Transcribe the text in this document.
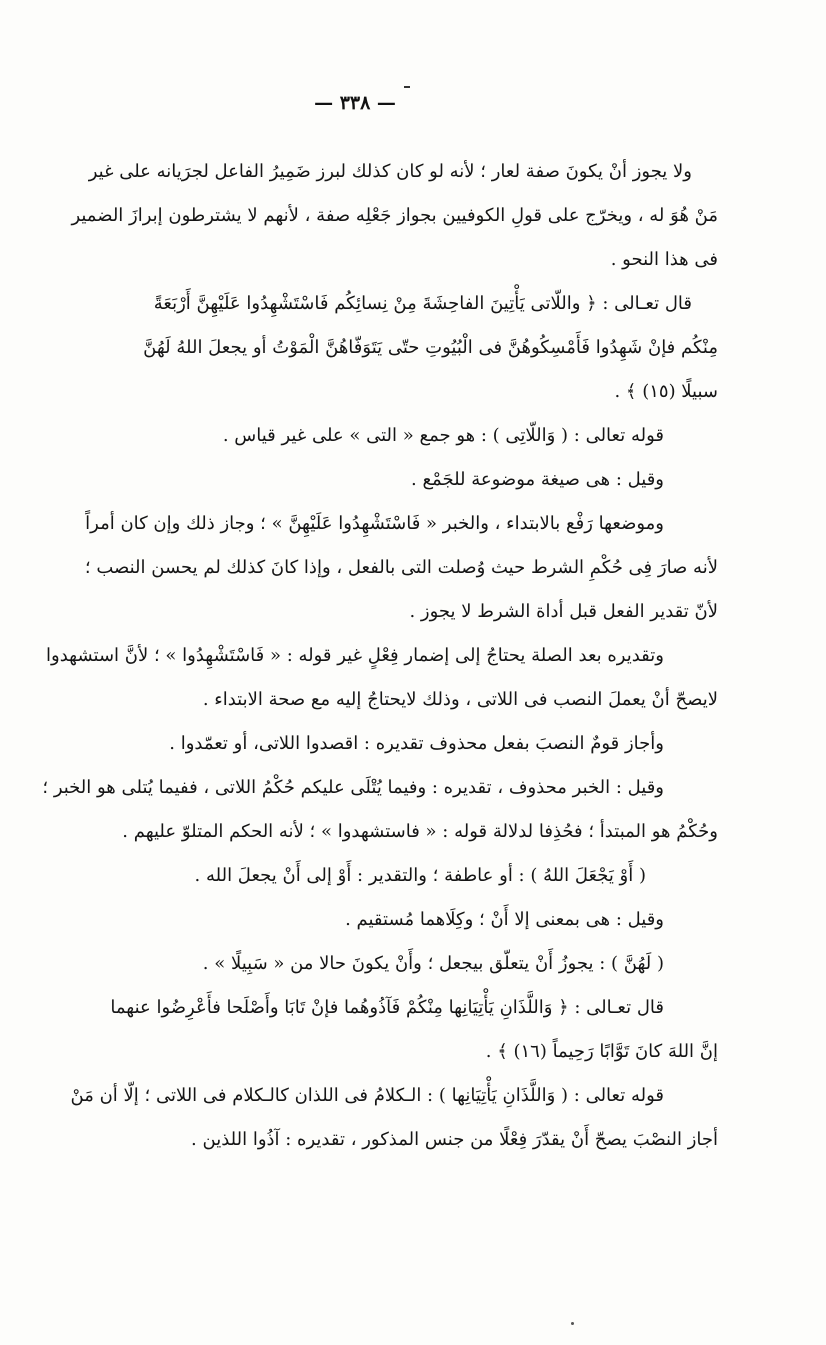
— ٣٣٨ —
ولا يجوز أنْ يكونَ صفة لعار ؛ لأنه لو كان كذلك لبرز ضَمِيرُ الفاعل لجرَيانه على غير
مَنْ هُوَ له ، ويخرّج على قولِ الكوفيين بجواز جَعْلِه صفة ، لأنهم لا يشترطون إبرازَ الضمير
فى هذا النحو .
قال تعـالى : ﴿ واللّاتى يَأْتِينَ الفاحِشَةَ مِنْ نِسائِكُم فَاسْتَشْهِدُوا عَلَيْهِنَّ أَرْبَعَةً
مِنْكُم فإنْ شَهِدُوا فَأَمْسِكُوهُنَّ فى الْبُيُوتِ حتّى يَتَوَفّاهُنَّ الْمَوْتُ أو يجعلَ اللهُ لَهُنَّ
سبيلًا (١٥) ﴾ .
قوله تعالى : ( وَاللّاتِى ) : هو جمع « التى » على غير قياس .
وقيل : هى صيغة موضوعة للجَمْع .
وموضعها رَفْع بالابتداء ، والخبر « فَاسْتَشْهِدُوا عَلَيْهِنَّ » ؛ وجاز ذلك وإن كان أمراً
لأنه صارَ فِى حُكْمِ الشرط حيث وُصلت التى بالفعل ، وإذا كانَ كذلك لم يحسن النصب ؛
لأنّ تقدير الفعل قبل أداة الشرط لا يجوز .
وتقديره بعد الصلة يحتاجُ إلى إضمار فِعْلٍ غير قوله : « فَاسْتَشْهِدُوا » ؛ لأنَّ استشهدوا
لايصحّ أنْ يعملَ النصب فى اللاتى ، وذلك لايحتاجُ إليه مع صحة الابتداء .
وأجاز قومٌ النصبَ بفعل محذوف تقديره : اقصدوا اللاتى، أو تعمّدوا .
وقيل : الخبر محذوف ، تقديره : وفيما يُتْلَى عليكم حُكْمُ اللاتى ، ففيما يُتلى هو الخبر ؛
وحُكْمُ هو المبتدأ ؛ فحُذِفا لدلالة قوله : « فاستشهدوا » ؛ لأنه الحكم المتلوّ عليهم .
( أَوْ يَجْعَلَ اللهُ ) : أو عاطفة ؛ والتقدير : أَوْ إلى أَنْ يجعلَ الله .
وقيل : هى بمعنى إلا أَنْ ؛ وكِلَاهما مُستقيم .
( لَهُنَّ ) : يجوزُ أَنْ يتعلّق بيجعل ؛ وأَنْ يكونَ حالا من « سَبِيلًا » .
قال تعـالى : ﴿ وَاللَّذَانِ يَأْتِيَانِها مِنْكُمْ فَآذُوهُما فإنْ تَابَا وأَصْلَحا فأَعْرِضُوا عنهما
إنَّ اللهَ كانَ تَوَّابًا رَحِيماً (١٦) ﴾ .
قوله تعالى : ( وَاللَّذَانِ يَأْتِيَانِها ) : الـكلامُ فى اللذان كالـكلام فى اللاتى ؛ إلّا أن مَنْ
أجاز النصْبَ يصحّ أَنْ يقدّرَ فِعْلًا من جنس المذكور ، تقديره : آذُوا اللذين .
